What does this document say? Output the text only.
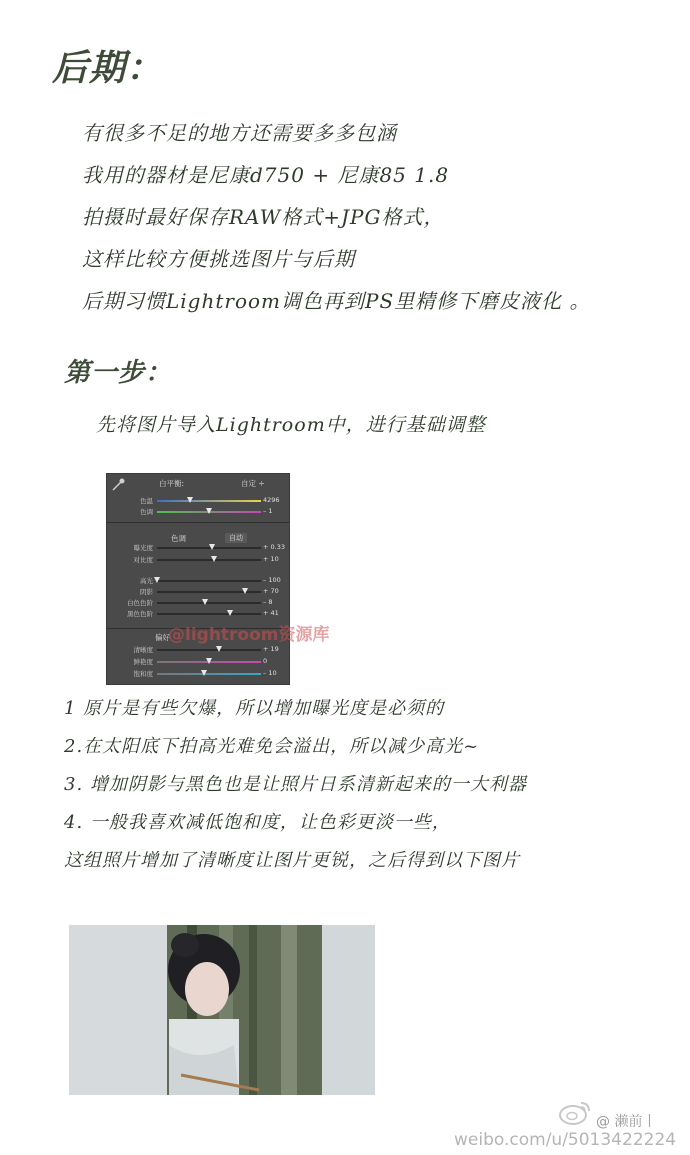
后期：

有很多不足的地方还需要多多包涵

我用的器材是尼康d750 + 尼康85 1.8

拍摄时最好保存RAW格式+JPG格式，

这样比较方便挑选图片与后期

后期习惯Lightroom调色再到PS里精修下磨皮液化 。

第一步：

先将图片导入Lightroom中，进行基础调整

白平衡:	自定 ÷
色调	自动
偏好
色温	4296
色调	– 1
曝光度	+ 0.33
对比度	+ 10
高光	– 100
阴影	+ 70
白色色阶	– 8
黑色色阶	+ 41
清晰度	+ 19
鲜艳度	0
饱和度	– 10
@lightroom资源库

1 原片是有些欠爆，所以增加曝光度是必须的

2.在太阳底下拍高光难免会溢出，所以减少高光~

3. 增加阴影与黑色也是让照片日系清新起来的一大利器

4. 一般我喜欢减低饱和度，让色彩更淡一些，

这组照片增加了清晰度让图片更锐，之后得到以下图片

@ 濑前丨
weibo.com/u/5013422224
